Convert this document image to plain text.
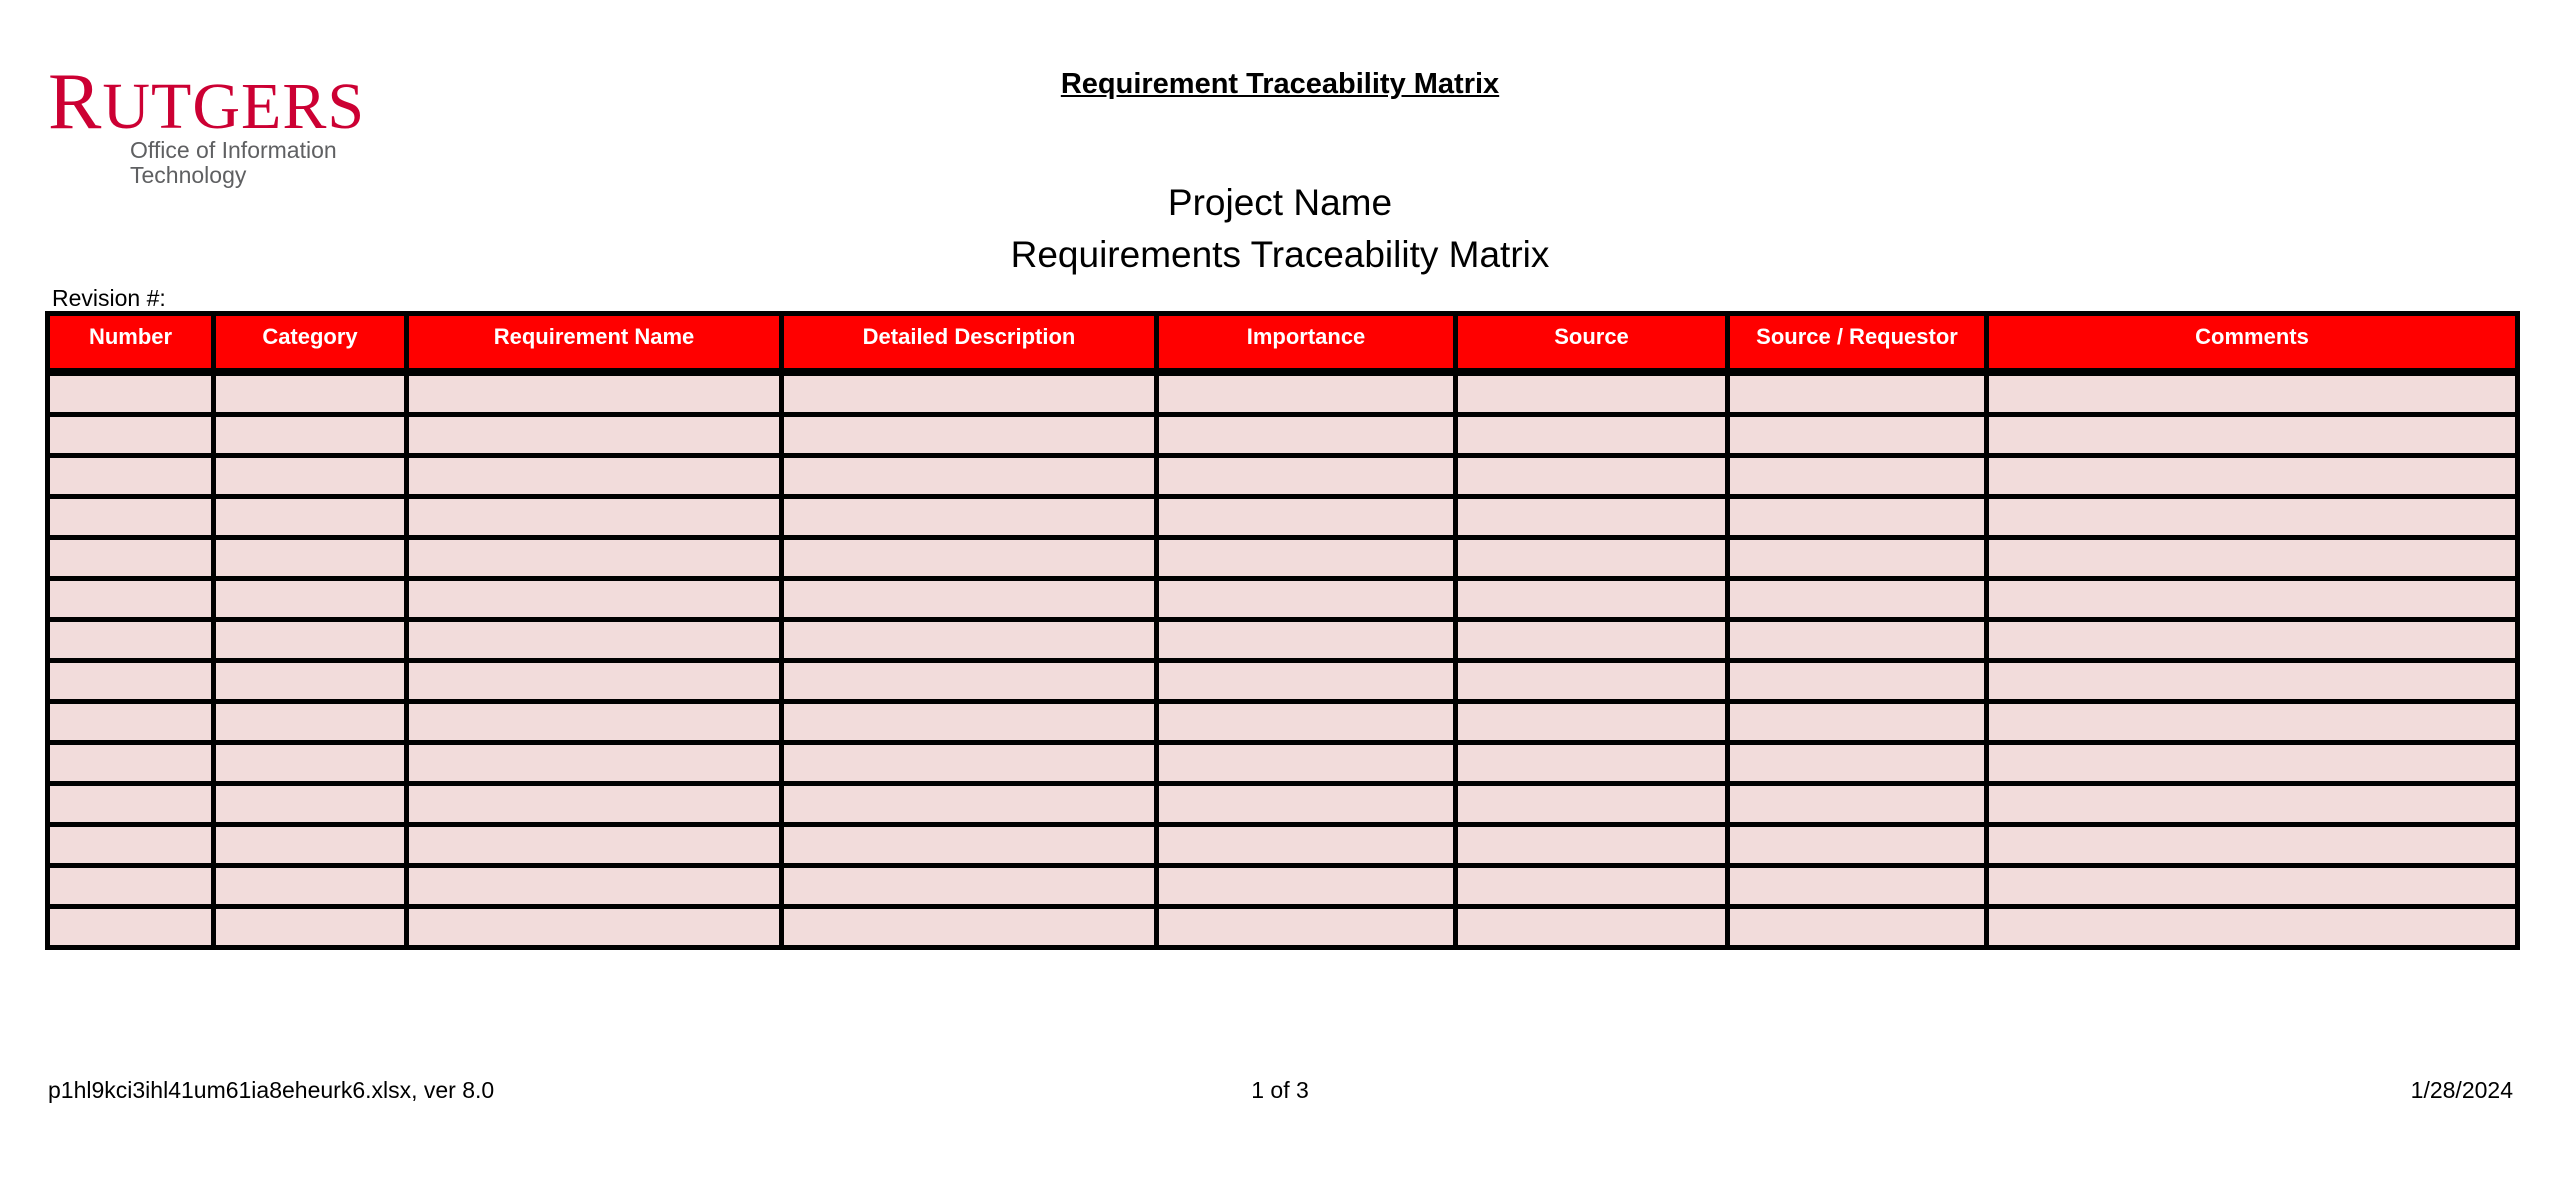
RUTGERS
Office of Information
Technology
Requirement Traceability Matrix
Project Name
Requirements Traceability Matrix
Revision #:
Number	Category	Requirement Name	Detailed Description	Importance	Source	Source / Requestor	Comments

p1hl9kci3ihl41um61ia8eheurk6.xlsx, ver 8.0	1 of 3	1/28/2024
